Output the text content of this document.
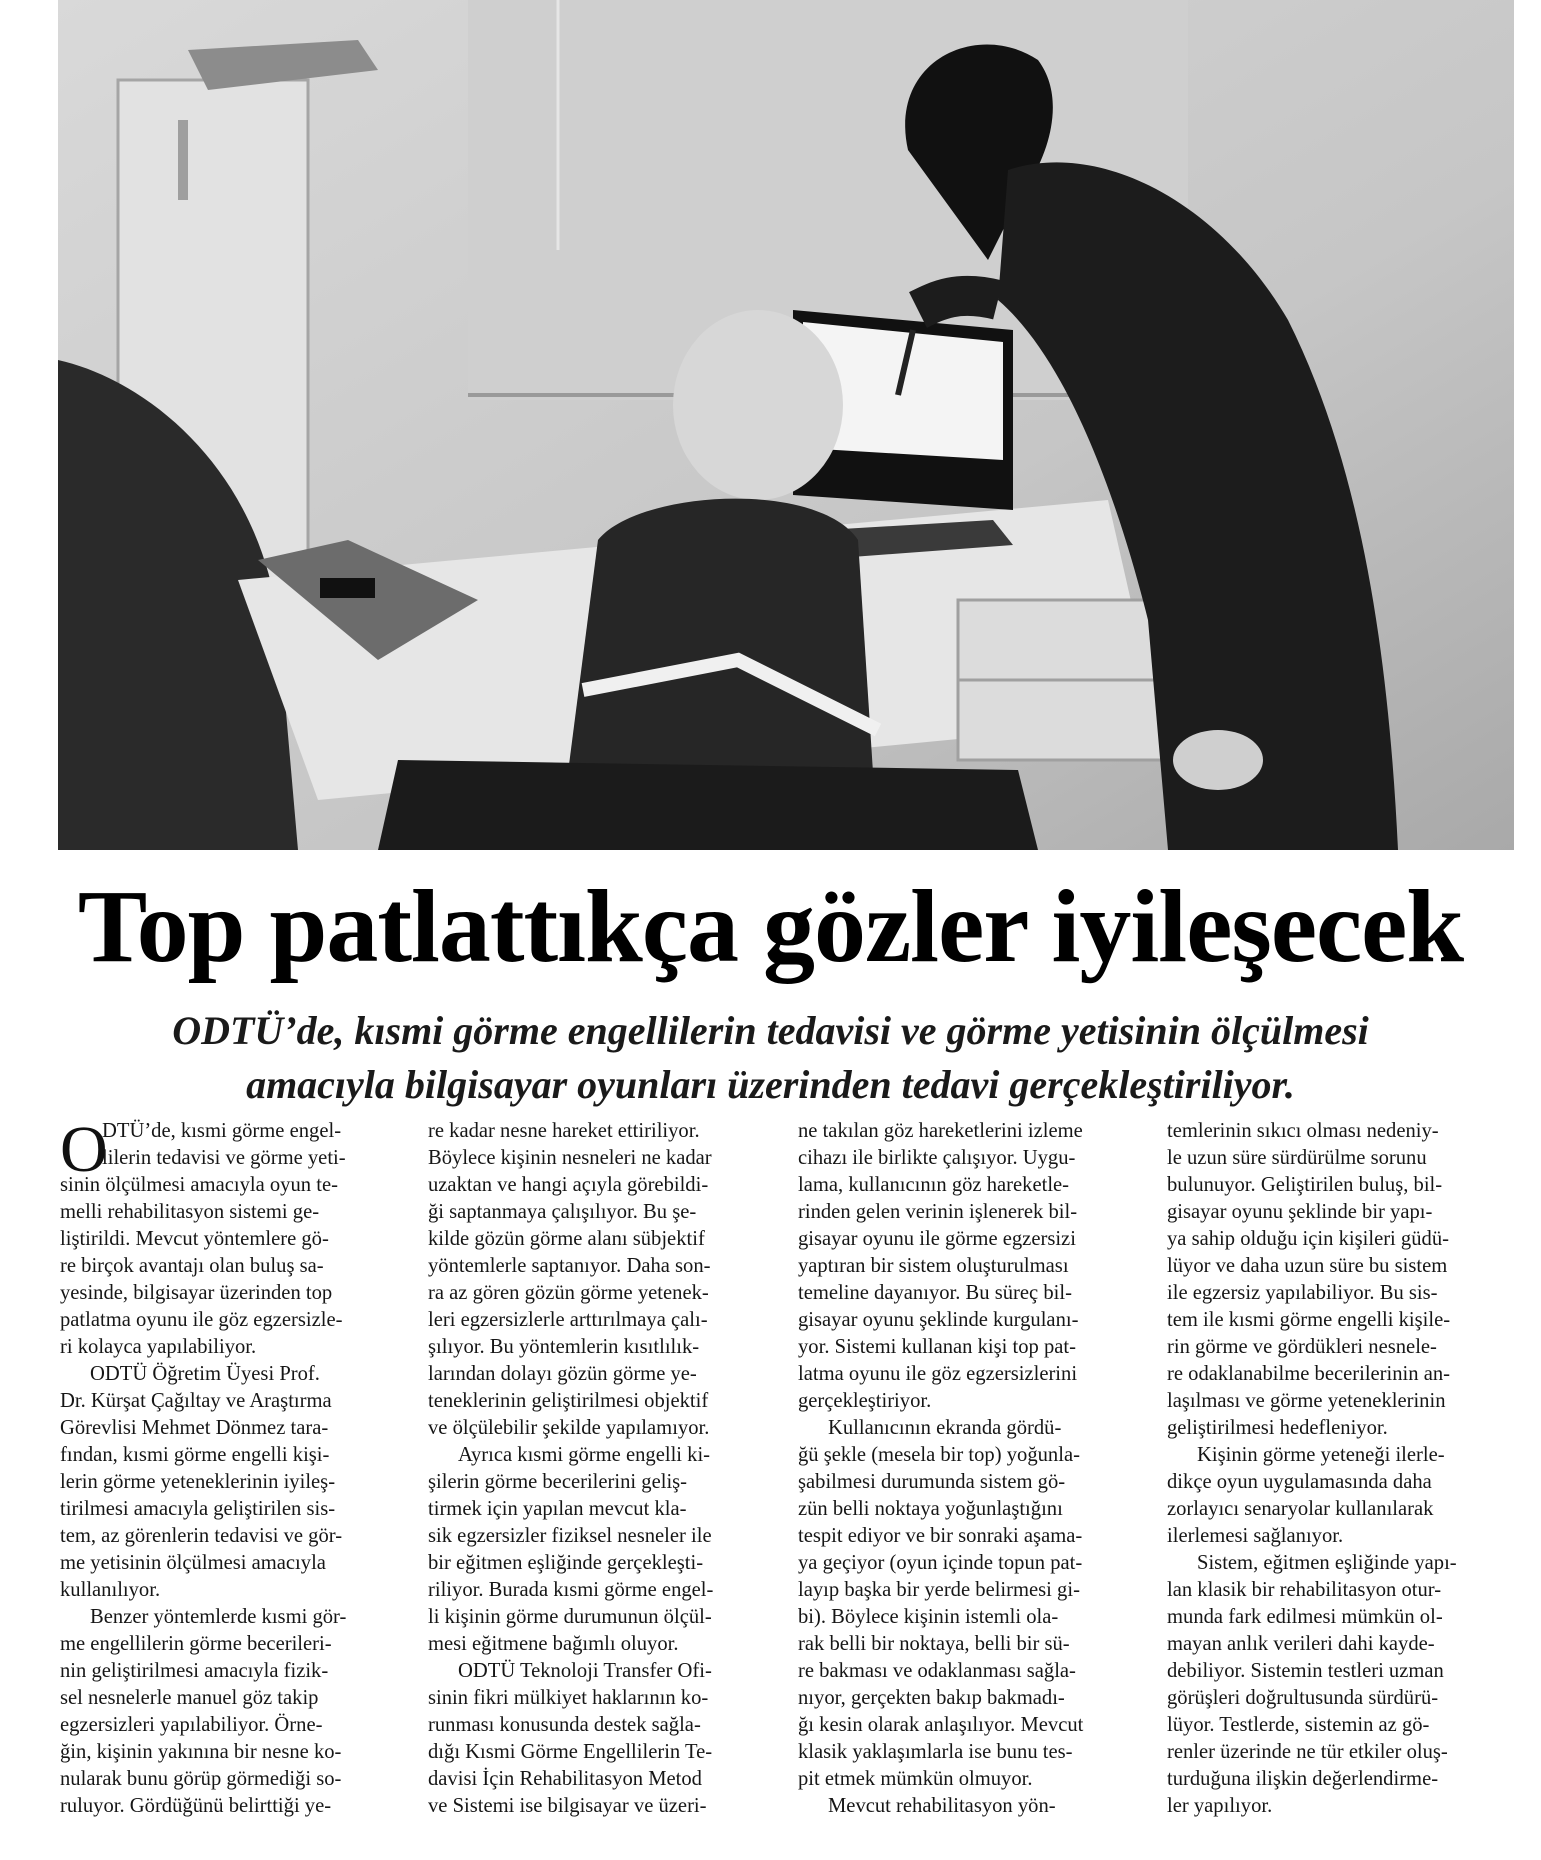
Top patlattıkça gözler iyileşecek
ODTÜ’de, kısmi görme engellilerin tedavisi ve görme yetisinin ölçülmesi
amacıyla bilgisayar oyunları üzerinden tedavi gerçekleştiriliyor.
O
DTÜ’de, kısmi görme engel-
lilerin tedavisi ve görme yeti-
sinin ölçülmesi amacıyla oyun te-
melli rehabilitasyon sistemi ge-
liştirildi. Mevcut yöntemlere gö-
re birçok avantajı olan buluş sa-
yesinde, bilgisayar üzerinden top
patlatma oyunu ile göz egzersizle-
ri kolayca yapılabiliyor.
ODTÜ Öğretim Üyesi Prof.
Dr. Kürşat Çağıltay ve Araştırma
Görevlisi Mehmet Dönmez tara-
fından, kısmi görme engelli kişi-
lerin görme yeteneklerinin iyileş-
tirilmesi amacıyla geliştirilen sis-
tem, az görenlerin tedavisi ve gör-
me yetisinin ölçülmesi amacıyla
kullanılıyor.
Benzer yöntemlerde kısmi gör-
me engellilerin görme becerileri-
nin geliştirilmesi amacıyla fizik-
sel nesnelerle manuel göz takip
egzersizleri yapılabiliyor. Örne-
ğin, kişinin yakınına bir nesne ko-
nularak bunu görüp görmediği so-
ruluyor. Gördüğünü belirttiği ye-
re kadar nesne hareket ettiriliyor.
Böylece kişinin nesneleri ne kadar
uzaktan ve hangi açıyla görebildi-
ği saptanmaya çalışılıyor. Bu şe-
kilde gözün görme alanı sübjektif
yöntemlerle saptanıyor. Daha son-
ra az gören gözün görme yetenek-
leri egzersizlerle arttırılmaya çalı-
şılıyor. Bu yöntemlerin kısıtlılık-
larından dolayı gözün görme ye-
teneklerinin geliştirilmesi objektif
ve ölçülebilir şekilde yapılamıyor.
Ayrıca kısmi görme engelli ki-
şilerin görme becerilerini geliş-
tirmek için yapılan mevcut kla-
sik egzersizler fiziksel nesneler ile
bir eğitmen eşliğinde gerçekleşti-
riliyor. Burada kısmi görme engel-
li kişinin görme durumunun ölçül-
mesi eğitmene bağımlı oluyor.
ODTÜ Teknoloji Transfer Ofi-
sinin fikri mülkiyet haklarının ko-
runması konusunda destek sağla-
dığı Kısmi Görme Engellilerin Te-
davisi İçin Rehabilitasyon Metod
ve Sistemi ise bilgisayar ve üzeri-
ne takılan göz hareketlerini izleme
cihazı ile birlikte çalışıyor. Uygu-
lama, kullanıcının göz hareketle-
rinden gelen verinin işlenerek bil-
gisayar oyunu ile görme egzersizi
yaptıran bir sistem oluşturulması
temeline dayanıyor. Bu süreç bil-
gisayar oyunu şeklinde kurgulanı-
yor. Sistemi kullanan kişi top pat-
latma oyunu ile göz egzersizlerini
gerçekleştiriyor.
Kullanıcının ekranda gördü-
ğü şekle (mesela bir top) yoğunla-
şabilmesi durumunda sistem gö-
zün belli noktaya yoğunlaştığını
tespit ediyor ve bir sonraki aşama-
ya geçiyor (oyun içinde topun pat-
layıp başka bir yerde belirmesi gi-
bi). Böylece kişinin istemli ola-
rak belli bir noktaya, belli bir sü-
re bakması ve odaklanması sağla-
nıyor, gerçekten bakıp bakmadı-
ğı kesin olarak anlaşılıyor. Mevcut
klasik yaklaşımlarla ise bunu tes-
pit etmek mümkün olmuyor.
Mevcut rehabilitasyon yön-
temlerinin sıkıcı olması nedeniy-
le uzun süre sürdürülme sorunu
bulunuyor. Geliştirilen buluş, bil-
gisayar oyunu şeklinde bir yapı-
ya sahip olduğu için kişileri güdü-
lüyor ve daha uzun süre bu sistem
ile egzersiz yapılabiliyor. Bu sis-
tem ile kısmi görme engelli kişile-
rin görme ve gördükleri nesnele-
re odaklanabilme becerilerinin an-
laşılması ve görme yeteneklerinin
geliştirilmesi hedefleniyor.
Kişinin görme yeteneği ilerle-
dikçe oyun uygulamasında daha
zorlayıcı senaryolar kullanılarak
ilerlemesi sağlanıyor.
Sistem, eğitmen eşliğinde yapı-
lan klasik bir rehabilitasyon otur-
munda fark edilmesi mümkün ol-
mayan anlık verileri dahi kayde-
debiliyor. Sistemin testleri uzman
görüşleri doğrultusunda sürdürü-
lüyor. Testlerde, sistemin az gö-
renler üzerinde ne tür etkiler oluş-
turduğuna ilişkin değerlendirme-
ler yapılıyor.
